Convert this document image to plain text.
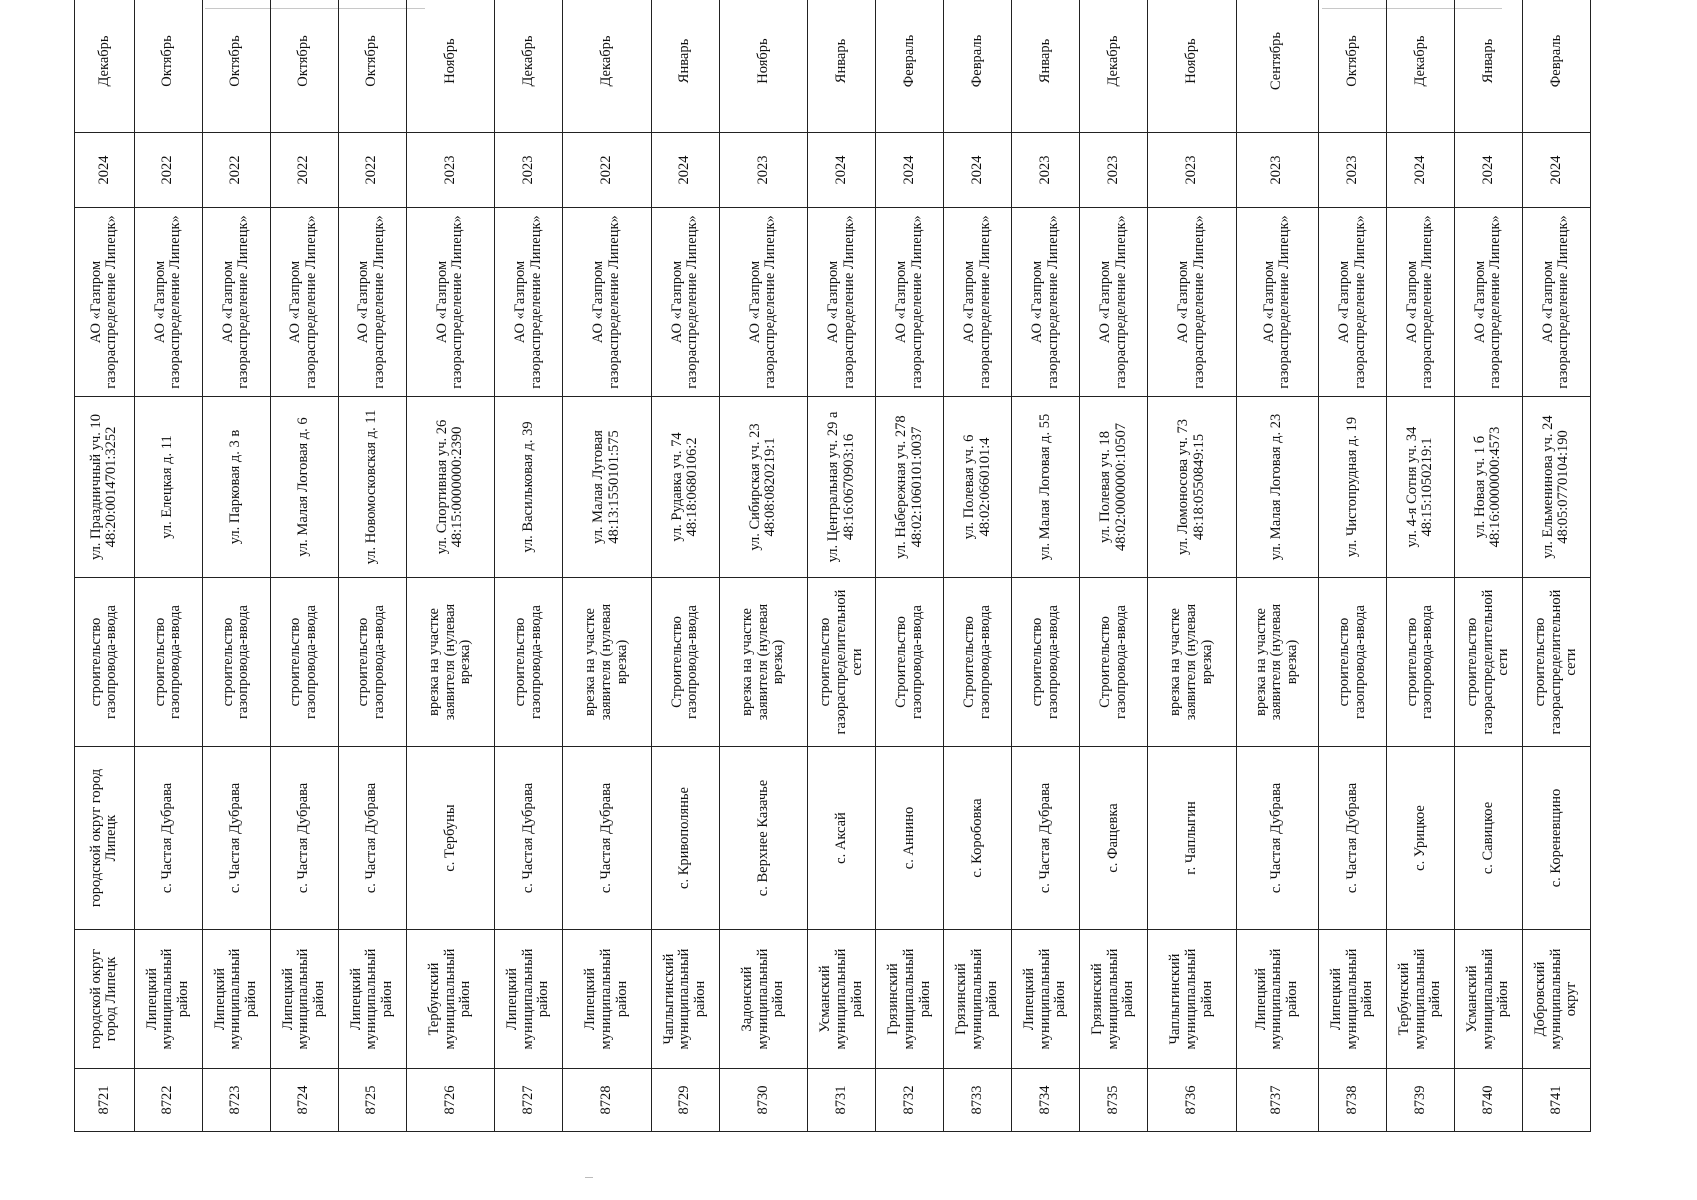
8721	городской округ город Липецк	городской округ город Липецк	строительство газопровода-ввода	ул. Праздничный уч. 10 48:20:0014701:3252	АО «Газпром газораспределение Липецк»	2024	Декабрь
8722	Липецкий муниципальный район	с. Частая Дубрава	строительство газопровода-ввода	ул. Елецкая д. 11	АО «Газпром газораспределение Липецк»	2022	Октябрь
8723	Липецкий муниципальный район	с. Частая Дубрава	строительство газопровода-ввода	ул. Парковая д. 3 в	АО «Газпром газораспределение Липецк»	2022	Октябрь
8724	Липецкий муниципальный район	с. Частая Дубрава	строительство газопровода-ввода	ул. Малая Логовая д. 6	АО «Газпром газораспределение Липецк»	2022	Октябрь
8725	Липецкий муниципальный район	с. Частая Дубрава	строительство газопровода-ввода	ул. Новомосковская д. 11	АО «Газпром газораспределение Липецк»	2022	Октябрь
8726	Тербунский муниципальный район	с. Тербуны	врезка на участке заявителя (нулевая врезка)	ул. Спортивная уч. 26 48:15:0000000:2390	АО «Газпром газораспределение Липецк»	2023	Ноябрь
8727	Липецкий муниципальный район	с. Частая Дубрава	строительство газопровода-ввода	ул. Васильковая д. 39	АО «Газпром газораспределение Липецк»	2023	Декабрь
8728	Липецкий муниципальный район	с. Частая Дубрава	врезка на участке заявителя (нулевая врезка)	ул. Малая Луговая 48:13:1550101:575	АО «Газпром газораспределение Липецк»	2022	Декабрь
8729	Чаплыгинский муниципальный район	с. Кривополянье	Строительство газопровода-ввода	ул. Рудавка уч. 74 48:18:0680106:2	АО «Газпром газораспределение Липецк»	2024	Январь
8730	Задонский муниципальный район	с. Верхнее Казачье	врезка на участке заявителя (нулевая врезка)	ул. Сибирская уч. 23 48:08:0820219:1	АО «Газпром газораспределение Липецк»	2023	Ноябрь
8731	Усманский муниципальный район	с. Аксай	строительство газораспределительной сети	ул. Центральная уч. 29 а 48:16:0670903:16	АО «Газпром газораспределение Липецк»	2024	Январь
8732	Грязинский муниципальный район	с. Аннино	Строительство газопровода-ввода	ул. Набережная уч. 278 48:02:1060101:0037	АО «Газпром газораспределение Липецк»	2024	Февраль
8733	Грязинский муниципальный район	с. Коробовка	Строительство газопровода-ввода	ул. Полевая уч. 6 48:02:0660101:4	АО «Газпром газораспределение Липецк»	2024	Февраль
8734	Липецкий муниципальный район	с. Частая Дубрава	строительство газопровода-ввода	ул. Малая Логовая д. 55	АО «Газпром газораспределение Липецк»	2023	Январь
8735	Грязинский муниципальный район	с. Фащевка	Строительство газопровода-ввода	ул. Полевая уч. 18 48:02:0000000:10507	АО «Газпром газораспределение Липецк»	2023	Декабрь
8736	Чаплыгинский муниципальный район	г. Чаплыгин	врезка на участке заявителя (нулевая врезка)	ул. Ломоносова уч. 73 48:18:0550849:15	АО «Газпром газораспределение Липецк»	2023	Ноябрь
8737	Липецкий муниципальный район	с. Частая Дубрава	врезка на участке заявителя (нулевая врезка)	ул. Малая Логовая д. 23	АО «Газпром газораспределение Липецк»	2023	Сентябрь
8738	Липецкий муниципальный район	с. Частая Дубрава	строительство газопровода-ввода	ул. Чистопрудная д. 19	АО «Газпром газораспределение Липецк»	2023	Октябрь
8739	Тербунский муниципальный район	с. Урицкое	строительство газопровода-ввода	ул. 4-я Сотня уч. 34 48:15:1050219:1	АО «Газпром газораспределение Липецк»	2024	Декабрь
8740	Усманский муниципальный район	с. Савицкое	строительство газораспределительной сети	ул. Новая уч. 1 б 48:16:0000000:4573	АО «Газпром газораспределение Липецк»	2024	Январь
8741	Добровский муниципальный округ	с. Кореневщино	строительство газораспределительной сети	ул. Ельмениновa уч. 24 48:05:0770104:190	АО «Газпром газораспределение Липецк»	2024	Февраль
